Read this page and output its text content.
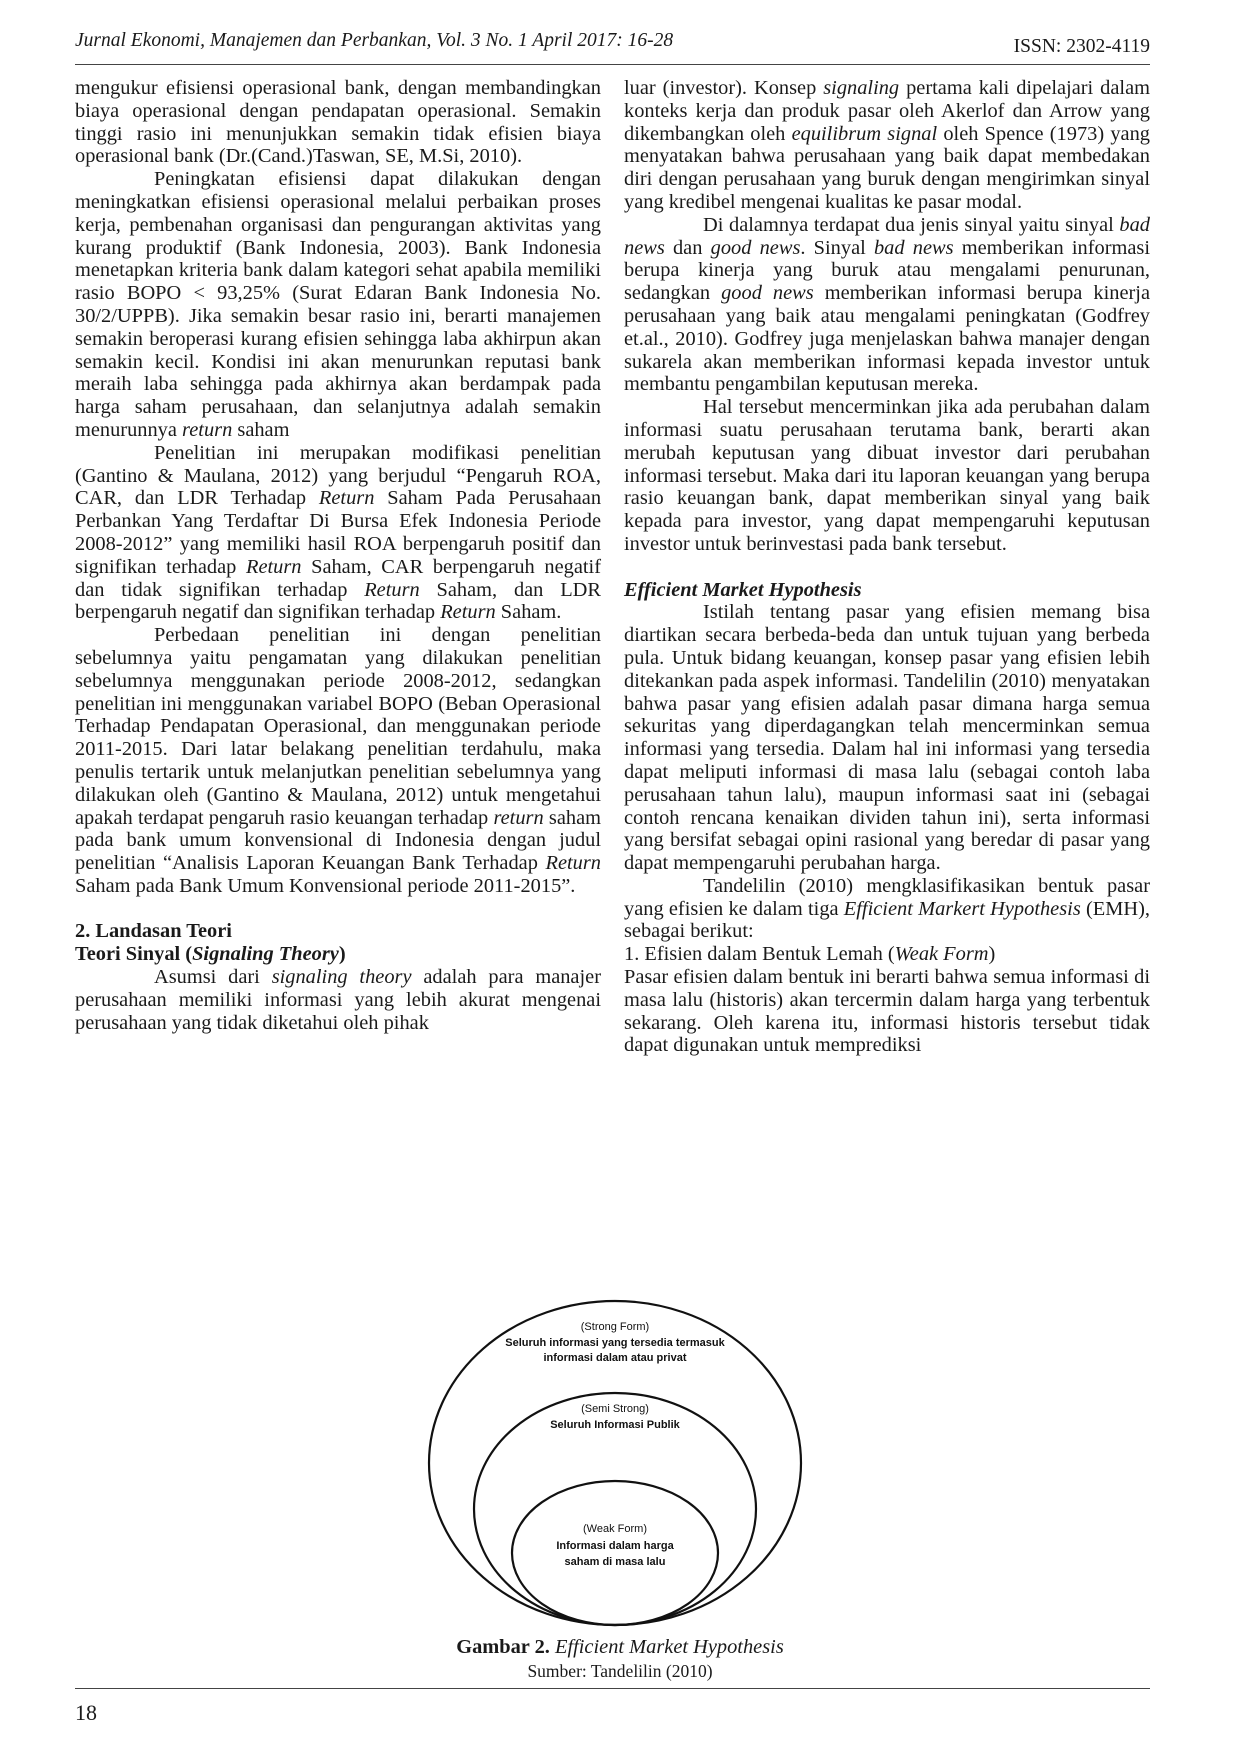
Jurnal Ekonomi, Manajemen dan Perbankan, Vol. 3 No. 1 April 2017: 16-28	ISSN: 2302-4119

mengukur efisiensi operasional bank, dengan membandingkan biaya operasional dengan pendapatan operasional. Semakin tinggi rasio ini menunjukkan semakin tidak efisien biaya operasional bank (Dr.(Cand.)Taswan, SE, M.Si, 2010).

Peningkatan efisiensi dapat dilakukan dengan meningkatkan efisiensi operasional melalui perbaikan proses kerja, pembenahan organisasi dan pengurangan aktivitas yang kurang produktif (Bank Indonesia, 2003). Bank Indonesia menetapkan kriteria bank dalam kategori sehat apabila memiliki rasio BOPO < 93,25% (Surat Edaran Bank Indonesia No. 30/2/UPPB). Jika semakin besar rasio ini, berarti manajemen semakin beroperasi kurang efisien sehingga laba akhirpun akan semakin kecil. Kondisi ini akan menurunkan reputasi bank meraih laba sehingga pada akhirnya akan berdampak pada harga saham perusahaan, dan selanjutnya adalah semakin menurunnya return saham

Penelitian ini merupakan modifikasi penelitian (Gantino & Maulana, 2012) yang berjudul “Pengaruh ROA, CAR, dan LDR Terhadap Return Saham Pada Perusahaan Perbankan Yang Terdaftar Di Bursa Efek Indonesia Periode 2008-2012” yang memiliki hasil ROA berpengaruh positif dan signifikan terhadap Return Saham, CAR berpengaruh negatif dan tidak signifikan terhadap Return Saham, dan LDR berpengaruh negatif dan signifikan terhadap Return Saham.

Perbedaan penelitian ini dengan penelitian sebelumnya yaitu pengamatan yang dilakukan penelitian sebelumnya menggunakan periode 2008-2012, sedangkan penelitian ini menggunakan variabel BOPO (Beban Operasional Terhadap Pendapatan Operasional, dan menggunakan periode 2011-2015. Dari latar belakang penelitian terdahulu, maka penulis tertarik untuk melanjutkan penelitian sebelumnya yang dilakukan oleh (Gantino & Maulana, 2012) untuk mengetahui apakah terdapat pengaruh rasio keuangan terhadap return saham pada bank umum konvensional di Indonesia dengan judul penelitian “Analisis Laporan Keuangan Bank Terhadap Return Saham pada Bank Umum Konvensional periode 2011-2015”.

2. Landasan Teori
Teori Sinyal (Signaling Theory)

Asumsi dari signaling theory adalah para manajer perusahaan memiliki informasi yang lebih akurat mengenai perusahaan yang tidak diketahui oleh pihak

luar (investor). Konsep signaling pertama kali dipelajari dalam konteks kerja dan produk pasar oleh Akerlof dan Arrow yang dikembangkan oleh equilibrum signal oleh Spence (1973) yang menyatakan bahwa perusahaan yang baik dapat membedakan diri dengan perusahaan yang buruk dengan mengirimkan sinyal yang kredibel mengenai kualitas ke pasar modal.

Di dalamnya terdapat dua jenis sinyal yaitu sinyal bad news dan good news. Sinyal bad news memberikan informasi berupa kinerja yang buruk atau mengalami penurunan, sedangkan good news memberikan informasi berupa kinerja perusahaan yang baik atau mengalami peningkatan (Godfrey et.al., 2010). Godfrey juga menjelaskan bahwa manajer dengan sukarela akan memberikan informasi kepada investor untuk membantu pengambilan keputusan mereka.

Hal tersebut mencerminkan jika ada perubahan dalam informasi suatu perusahaan terutama bank, berarti akan merubah keputusan yang dibuat investor dari perubahan informasi tersebut. Maka dari itu laporan keuangan yang berupa rasio keuangan bank, dapat memberikan sinyal yang baik kepada para investor, yang dapat mempengaruhi keputusan investor untuk berinvestasi pada bank tersebut.

Efficient Market Hypothesis

Istilah tentang pasar yang efisien memang bisa diartikan secara berbeda-beda dan untuk tujuan yang berbeda pula. Untuk bidang keuangan, konsep pasar yang efisien lebih ditekankan pada aspek informasi. Tandelilin (2010) menyatakan bahwa pasar yang efisien adalah pasar dimana harga semua sekuritas yang diperdagangkan telah mencerminkan semua informasi yang tersedia. Dalam hal ini informasi yang tersedia dapat meliputi informasi di masa lalu (sebagai contoh laba perusahaan tahun lalu), maupun informasi saat ini (sebagai contoh rencana kenaikan dividen tahun ini), serta informasi yang bersifat sebagai opini rasional yang beredar di pasar yang dapat mempengaruhi perubahan harga.

Tandelilin (2010) mengklasifikasikan bentuk pasar yang efisien ke dalam tiga Efficient Markert Hypothesis (EMH), sebagai berikut:

1. Efisien dalam Bentuk Lemah (Weak Form)

Pasar efisien dalam bentuk ini berarti bahwa semua informasi di masa lalu (historis) akan tercermin dalam harga yang terbentuk sekarang. Oleh karena itu, informasi historis tersebut tidak dapat digunakan untuk memprediksi

(Strong Form)
Seluruh informasi yang tersedia termasuk
informasi dalam atau privat
(Semi Strong)
Seluruh Informasi Publik
(Weak Form)
Informasi dalam harga
saham di masa lalu
Gambar 2. Efficient Market Hypothesis
Sumber: Tandelilin (2010)
18
